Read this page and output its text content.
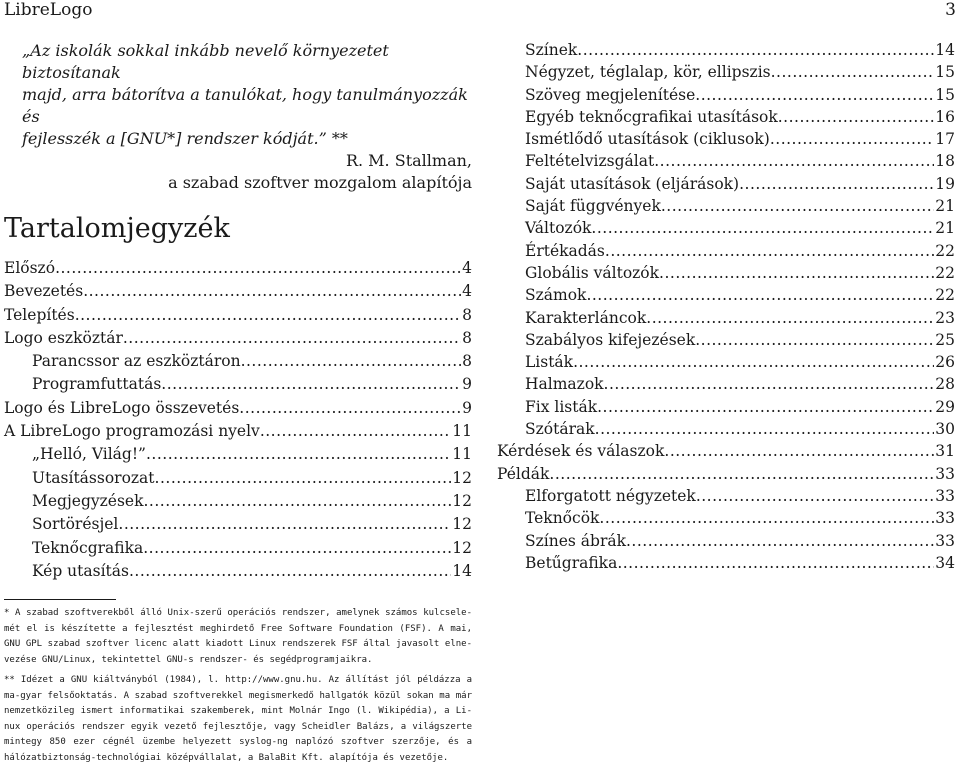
LibreLogo	3
„Az iskolák sokkal inkább nevelő környezetet biztosítanak
majd, arra bátorítva a tanulókat, hogy tanulmányozzák és
fejlesszék a [GNU*] rendszer kódját.” **
R. M. Stallman,
a szabad szoftver mozgalom alapítója
Tartalomjegyzék
Előszó .....	4
Bevezetés .....	4
Telepítés .....	8
Logo eszköztár .....	8
Parancssor az eszköztáron .....	8
Programfuttatás .....	9
Logo és LibreLogo összevetés .....	9
A LibreLogo programozási nyelv .....	11
„Helló, Világ!” .....	11
Utasítássorozat .....	12
Megjegyzések .....	12
Sortörésjel .....	12
Teknőcgrafika .....	12
Kép utasítás .....	14
* A szabad szoftverekből álló Unix-szerű operációs rendszer, amelynek számos kulcsele-mét el is készítette a fejlesztést meghirdető Free Software Foundation (FSF). A mai, GNU GPL szabad szoftver licenc alatt kiadott Linux rendszerek FSF által javasolt elne-vezése GNU/Linux, tekintettel GNU-s rendszer- és segédprogramjaikra.
** Idézet a GNU kiáltványból (1984), l. http://www.gnu.hu. Az állítást jól példázza a ma-gyar felsőoktatás. A szabad szoftverekkel megismerkedő hallgatók közül sokan ma már nemzetközileg ismert informatikai szakemberek, mint Molnár Ingo (l. Wikipédia), a Li-nux operációs rendszer egyik vezető fejlesztője, vagy Scheidler Balázs, a világszerte mintegy 850 ezer cégnél üzembe helyezett syslog-ng naplózó szoftver szerzője, és a hálózatbiztonság-technológiai középvállalat, a BalaBit Kft. alapítója és vezetője.
Színek .....	14
Négyzet, téglalap, kör, ellipszis .....	15
Szöveg megjelenítése .....	15
Egyéb teknőcgrafikai utasítások .....	16
Ismétlődő utasítások (ciklusok) .....	17
Feltételvizsgálat .....	18
Saját utasítások (eljárások) .....	19
Saját függvények .....	21
Változók .....	21
Értékadás .....	22
Globális változók .....	22
Számok .....	22
Karakterláncok .....	23
Szabályos kifejezések .....	25
Listák .....	26
Halmazok .....	28
Fix listák .....	29
Szótárak .....	30
Kérdések és válaszok .....	31
Példák .....	33
Elforgatott négyzetek .....	33
Teknőcök .....	33
Színes ábrák .....	33
Betűgrafika .....	34
